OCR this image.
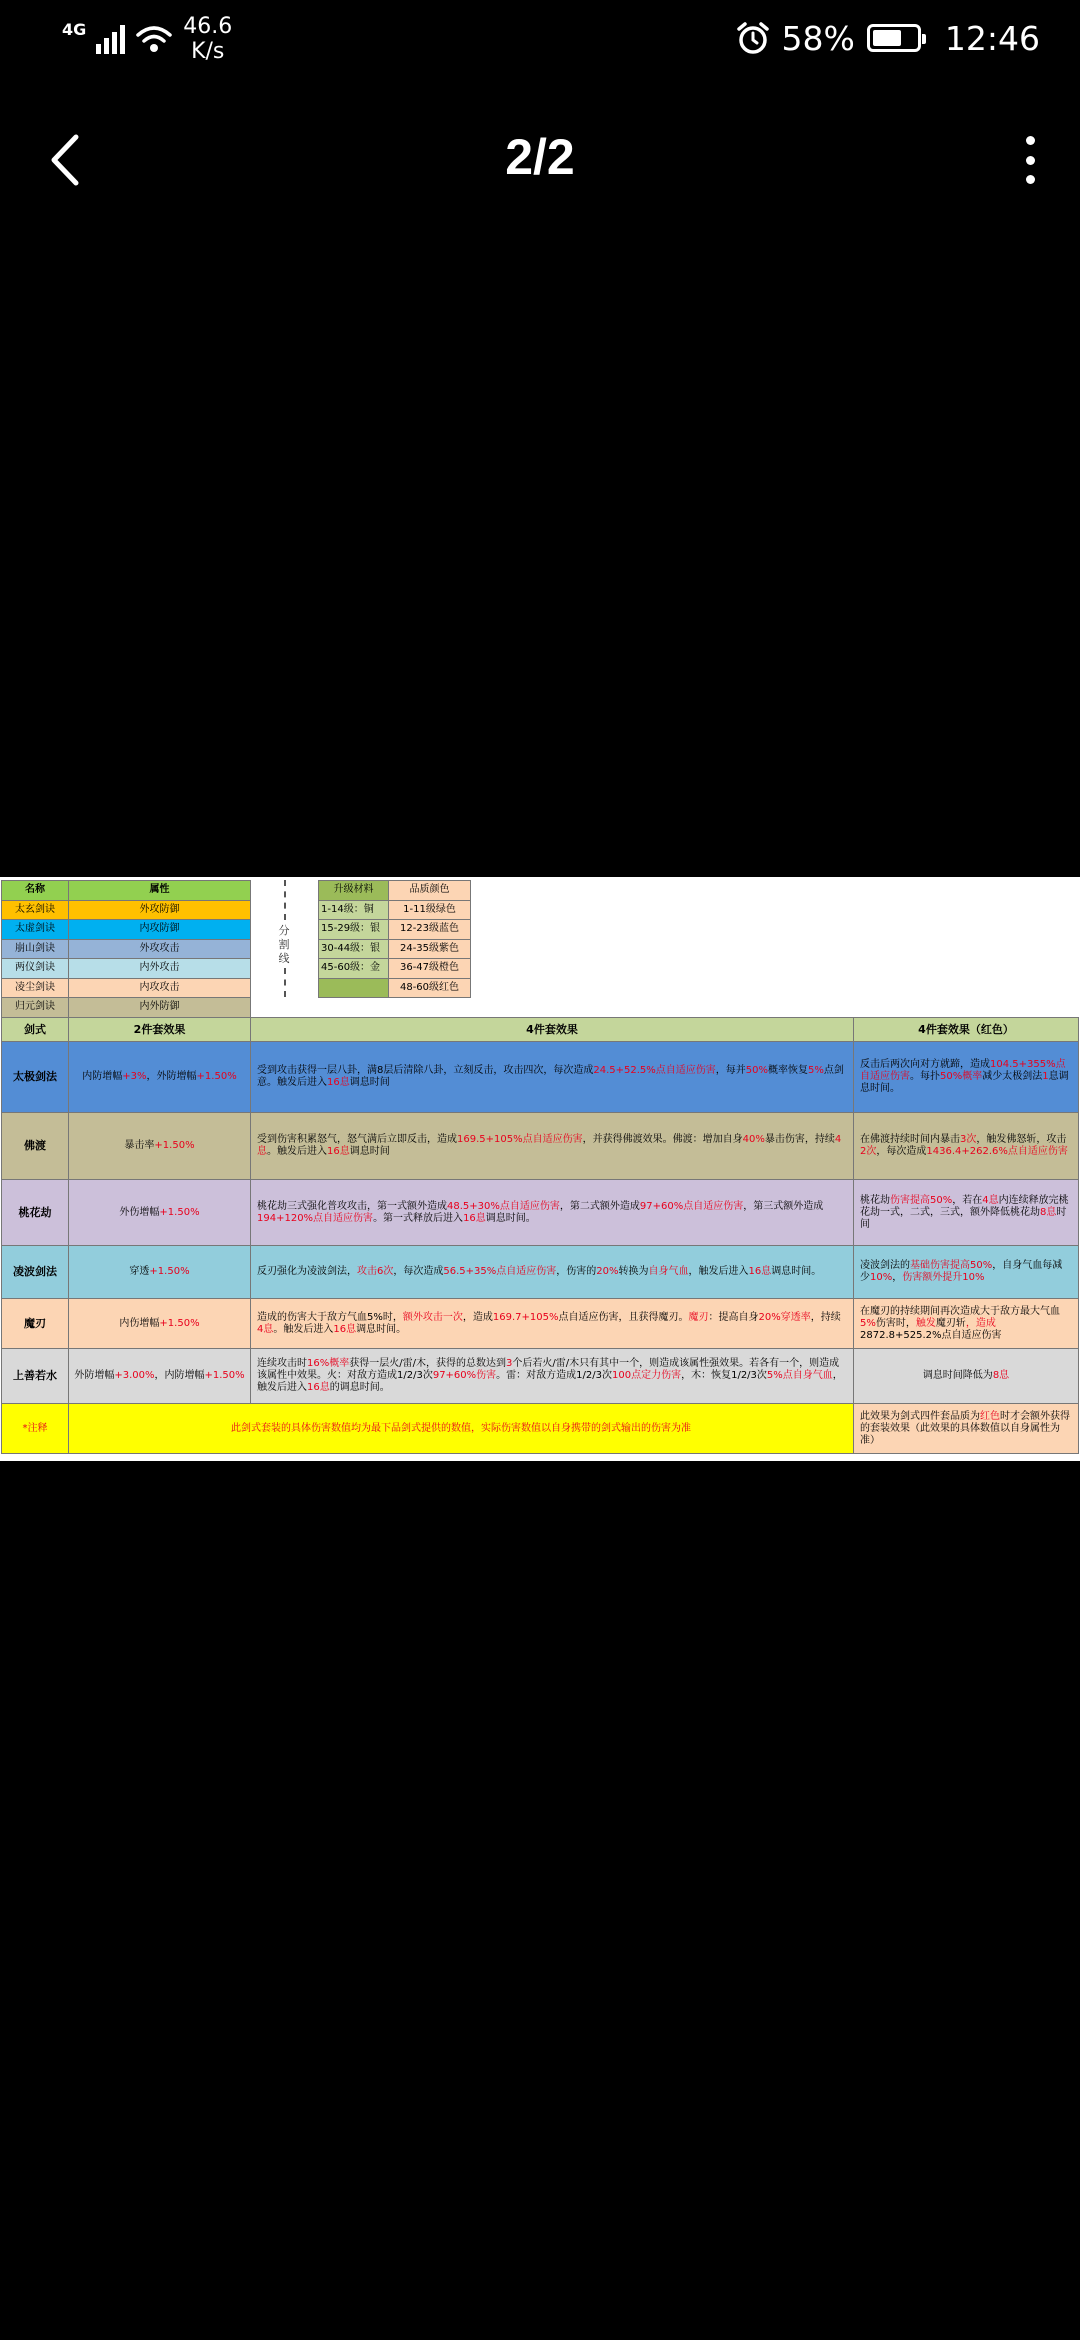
4G	46.6
K/s	58%	12:46
2/2
名称	属性
太玄剑诀	外攻防御
太虚剑诀	内攻防御
崩山剑诀	外攻攻击
两仪剑诀	内外攻击
凌尘剑诀	内攻攻击
归元剑诀	内外防御
分割线
升级材料	品质颜色
1-14级：铜	1-11级绿色
15-29级：银	12-23级蓝色
30-44级：银	24-35级紫色
45-60级：金	36-47级橙色
	48-60级红色
剑式	2件套效果	4件套效果	4件套效果（红色）
太极剑法	内防增幅+3%，外防增幅+1.50%	受到攻击获得一层八卦，满8层后清除八卦，立刻反击，攻击四次，每次造成24.5+52.5%点自适应伤害，每并50%概率恢复5%点剑意。触发后进入16息调息时间	反击后两次向对方就蹄，造成104.5+355%点自适应伤害。每扑50%概率减少太极剑法1息调息时间。
佛渡	暴击率+1.50%	受到伤害积累怒气，怒气满后立即反击，造成169.5+105%点自适应伤害，并获得佛渡效果。佛渡：增加自身40%暴击伤害，持续4息。触发后进入16息调息时间	在佛渡持续时间内暴击3次，触发佛怒斩，攻击2次，每次造成1436.4+262.6%点自适应伤害
桃花劫	外伤增幅+1.50%	桃花劫三式强化普攻攻击，第一式额外造成48.5+30%点自适应伤害，第二式额外造成97+60%点自适应伤害，第三式额外造成194+120%点自适应伤害。第一式释放后进入16息调息时间。	桃花劫伤害提高50%，若在4息内连续释放完桃花劫一式，二式，三式，额外降低桃花劫8息时间
凌波剑法	穿透+1.50%	反刃强化为凌波剑法，攻击6次，每次造成56.5+35%点自适应伤害，伤害的20%转换为自身气血，触发后进入16息调息时间。	凌波剑法的基础伤害提高50%，自身气血每减少10%，伤害额外提升10%
魔刃	内伤增幅+1.50%	造成的伤害大于敌方气血5%时，额外攻击一次，造成169.7+105%点自适应伤害，且获得魔刃。魔刃：提高自身20%穿透率，持续4息。触发后进入16息调息时间。	在魔刃的持续期间再次造成大于敌方最大气血5%伤害时，触发魔刃斩，造成2872.8+525.2%点自适应伤害
上善若水	外防增幅+3.00%，内防增幅+1.50%	连续攻击时16%概率获得一层火/雷/木，获得的总数达到3个后若火/雷/木只有其中一个，则造成该属性强效果。若各有一个，则造成该属性中效果。火：对敌方造成1/2/3次97+60%伤害。雷：对敌方造成1/2/3次100点定力伤害，木：恢复1/2/3次5%点自身气血，触发后进入16息的调息时间。	调息时间降低为8息
*注释	此剑式套装的具体伤害数值均为最下品剑式提供的数值，实际伤害数值以自身携带的剑式输出的伤害为准		此效果为剑式四件套品质为红色时才会额外获得的套装效果（此效果的具体数值以自身属性为准）
